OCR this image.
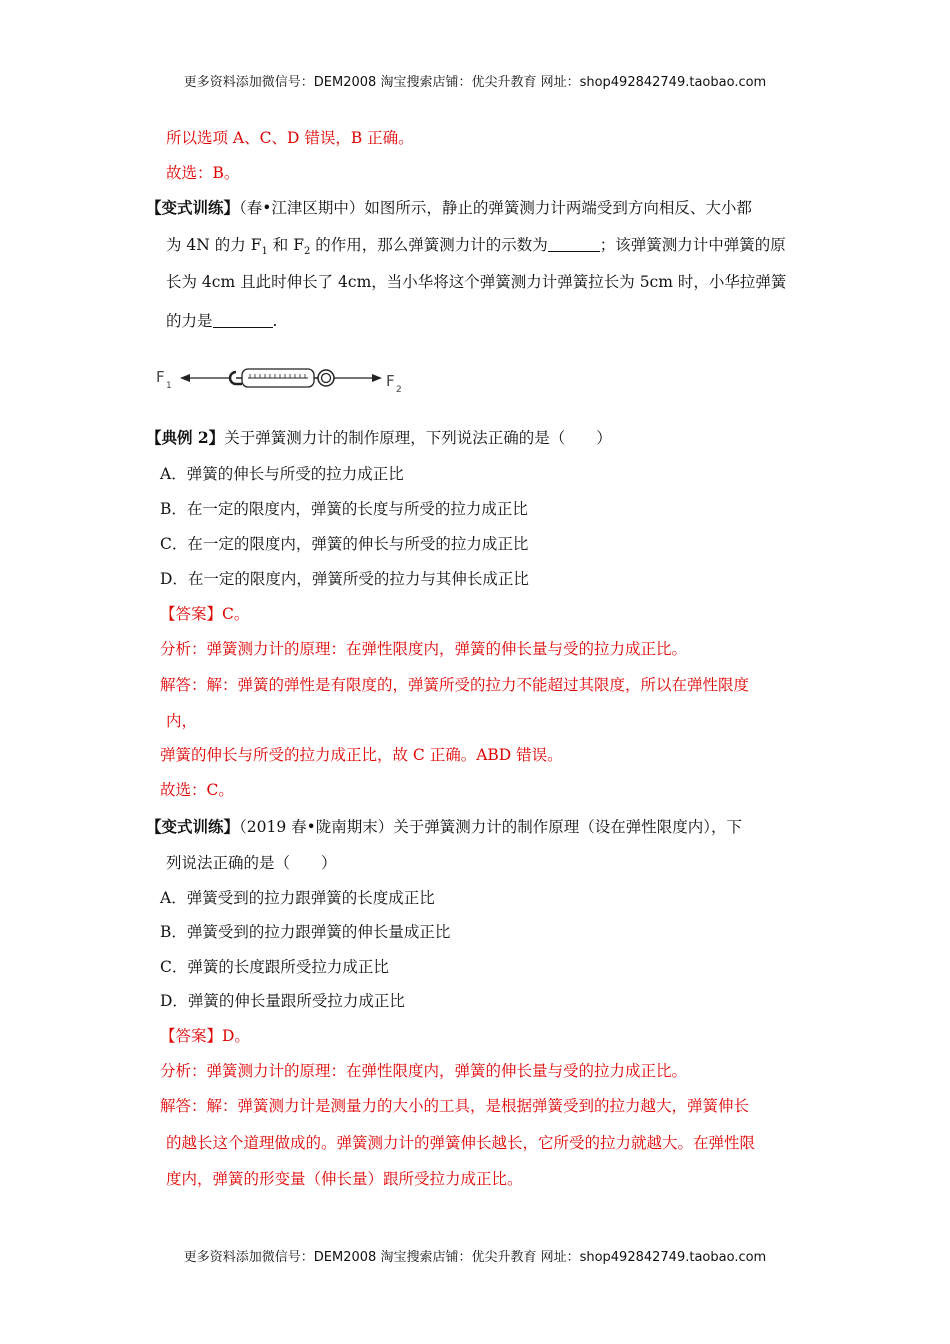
更多资料添加微信号：DEM2008 淘宝搜索店铺：优尖升教育 网址：shop492842749.taobao.com
所以选项 A、C、D 错误，B 正确。
故选：B。
【变式训练】（春•江津区期中）如图所示，静止的弹簧测力计两端受到方向相反、大小都
为 4N 的力 $F_1$ 和 $F_2$ 的作用，那么弹簧测力计的示数为	；该弹簧测力计中弹簧的原
长为 4cm 且此时伸长了 4cm，当小华将这个弹簧测力计弹簧拉长为 5cm 时，小华拉弹簧
的力是	.
F 1	F 2
【典例 2】关于弹簧测力计的制作原理，下列说法正确的是（　　）
A．弹簧的伸长与所受的拉力成正比
B．在一定的限度内，弹簧的长度与所受的拉力成正比
C．在一定的限度内，弹簧的伸长与所受的拉力成正比
D．在一定的限度内，弹簧所受的拉力与其伸长成正比
【答案】C。
分析：弹簧测力计的原理：在弹性限度内，弹簧的伸长量与受的拉力成正比。
解答：解：弹簧的弹性是有限度的，弹簧所受的拉力不能超过其限度，所以在弹性限度
内，
弹簧的伸长与所受的拉力成正比，故 C 正确。ABD 错误。
故选：C。
【变式训练】（2019 春•陇南期末）关于弹簧测力计的制作原理（设在弹性限度内），下
列说法正确的是（　　）
A．弹簧受到的拉力跟弹簧的长度成正比
B．弹簧受到的拉力跟弹簧的伸长量成正比
C．弹簧的长度跟所受拉力成正比
D．弹簧的伸长量跟所受拉力成正比
【答案】D。
分析：弹簧测力计的原理：在弹性限度内，弹簧的伸长量与受的拉力成正比。
解答：解：弹簧测力计是测量力的大小的工具，是根据弹簧受到的拉力越大，弹簧伸长
的越长这个道理做成的。弹簧测力计的弹簧伸长越长，它所受的拉力就越大。在弹性限
度内，弹簧的形变量（伸长量）跟所受拉力成正比。
更多资料添加微信号：DEM2008 淘宝搜索店铺：优尖升教育 网址：shop492842749.taobao.com
